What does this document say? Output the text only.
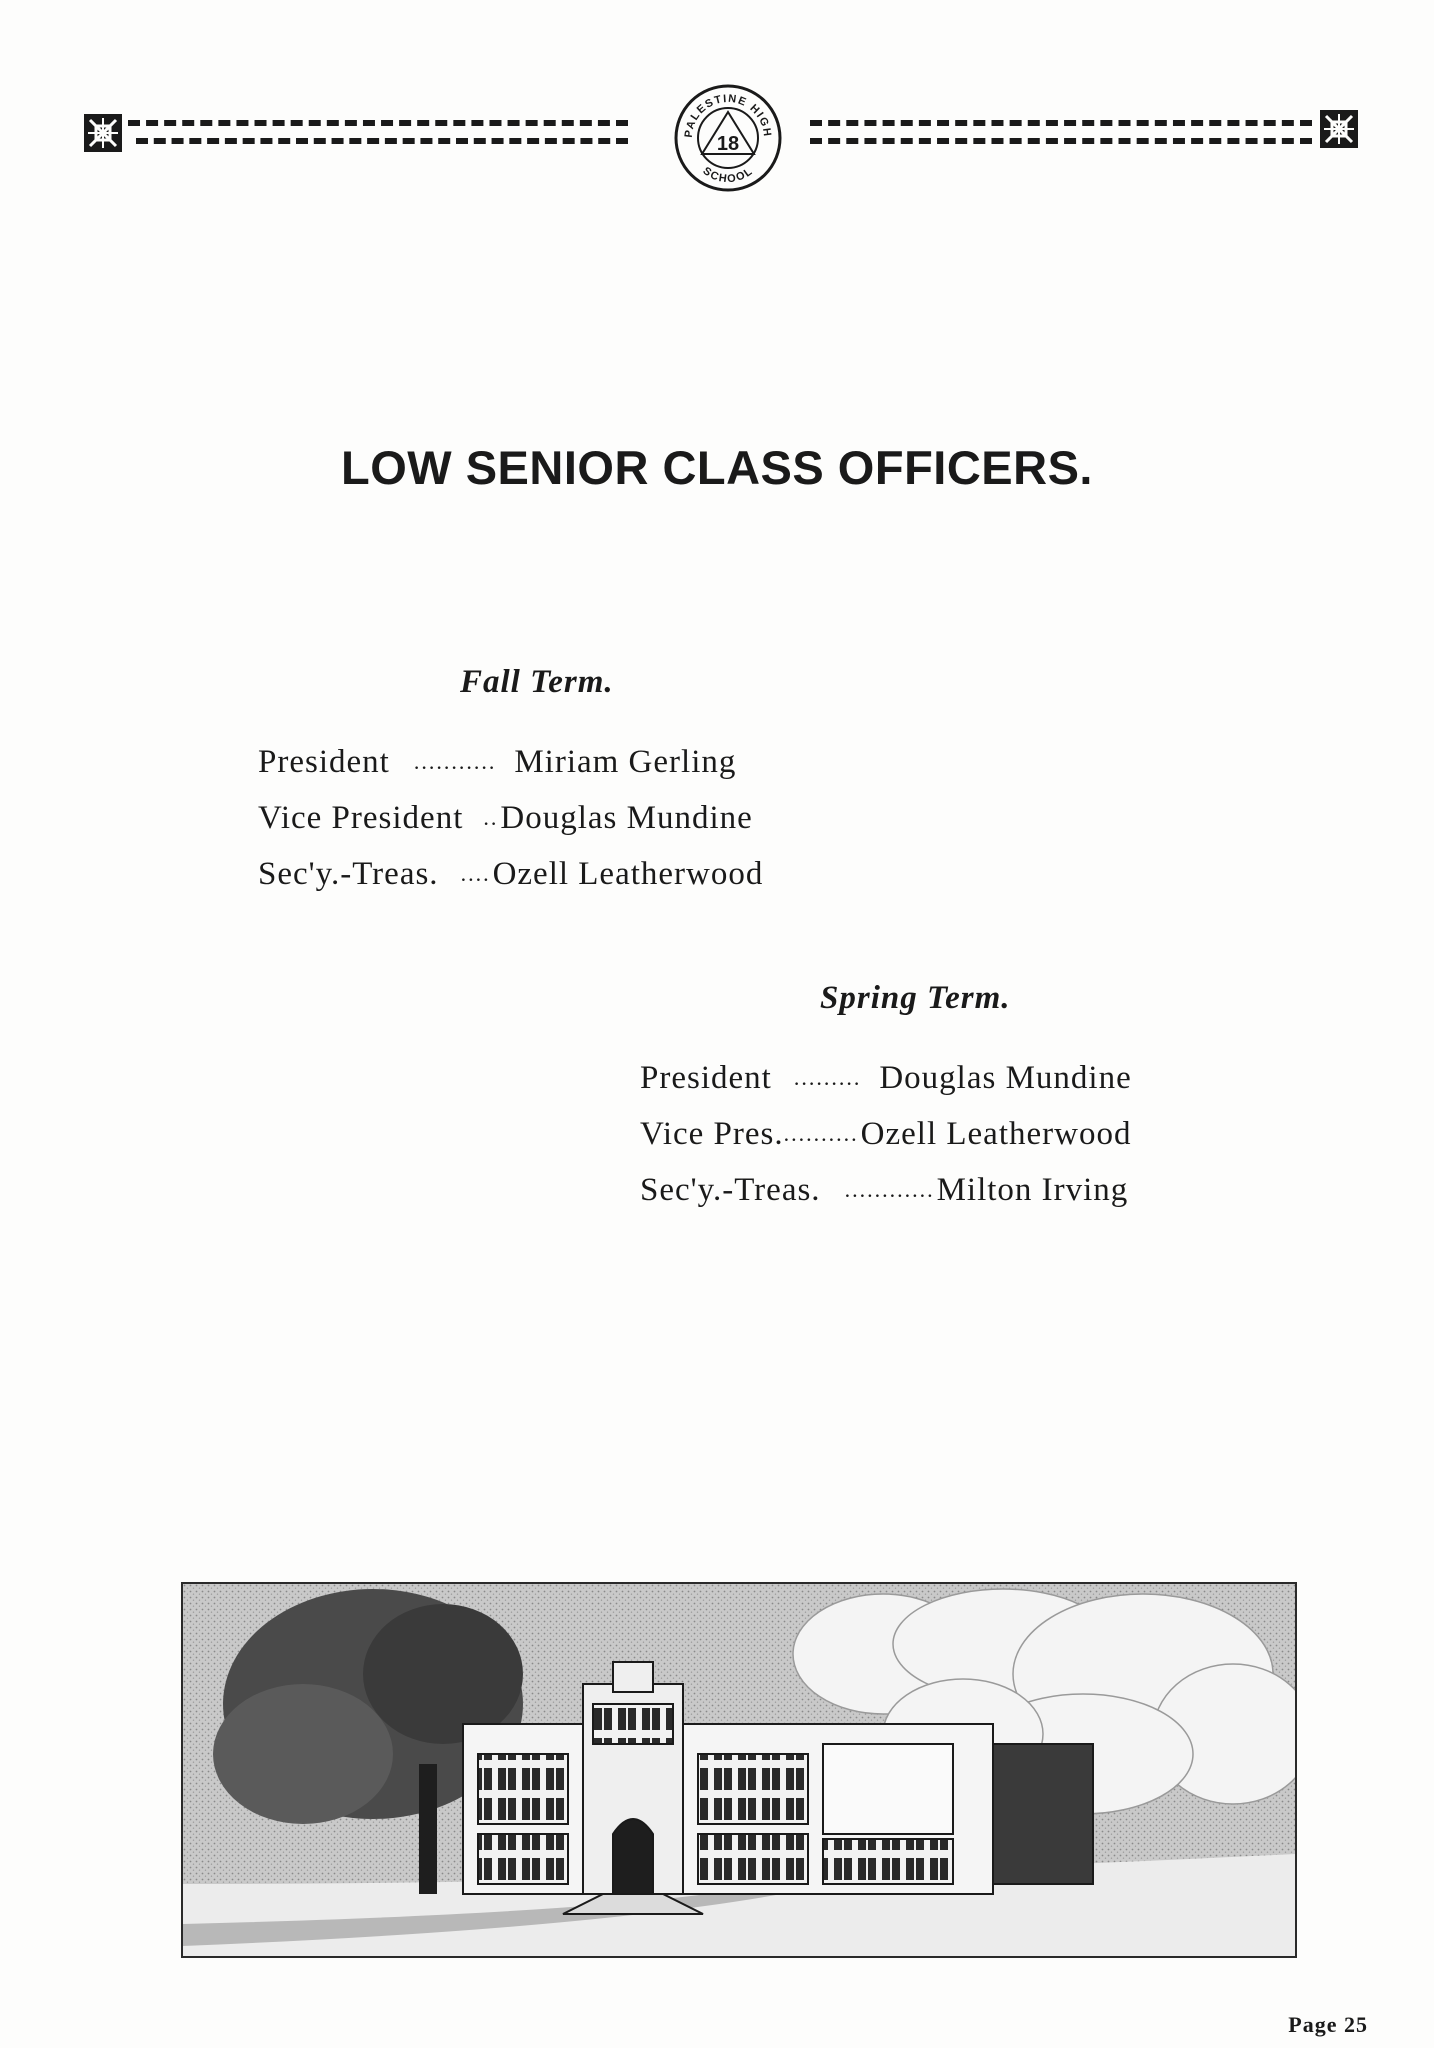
PALESTINE HIGH
SCHOOL
18
LOW SENIOR CLASS OFFICERS.
Fall Term.
President ........... Miriam Gerling
Vice President .. Douglas Mundine
Sec'y.-Treas. .... Ozell Leatherwood
Spring Term.
President ......... Douglas Mundine
Vice Pres. .......... Ozell Leatherwood
Sec'y.-Treas. ............ Milton Irving
Page 25
